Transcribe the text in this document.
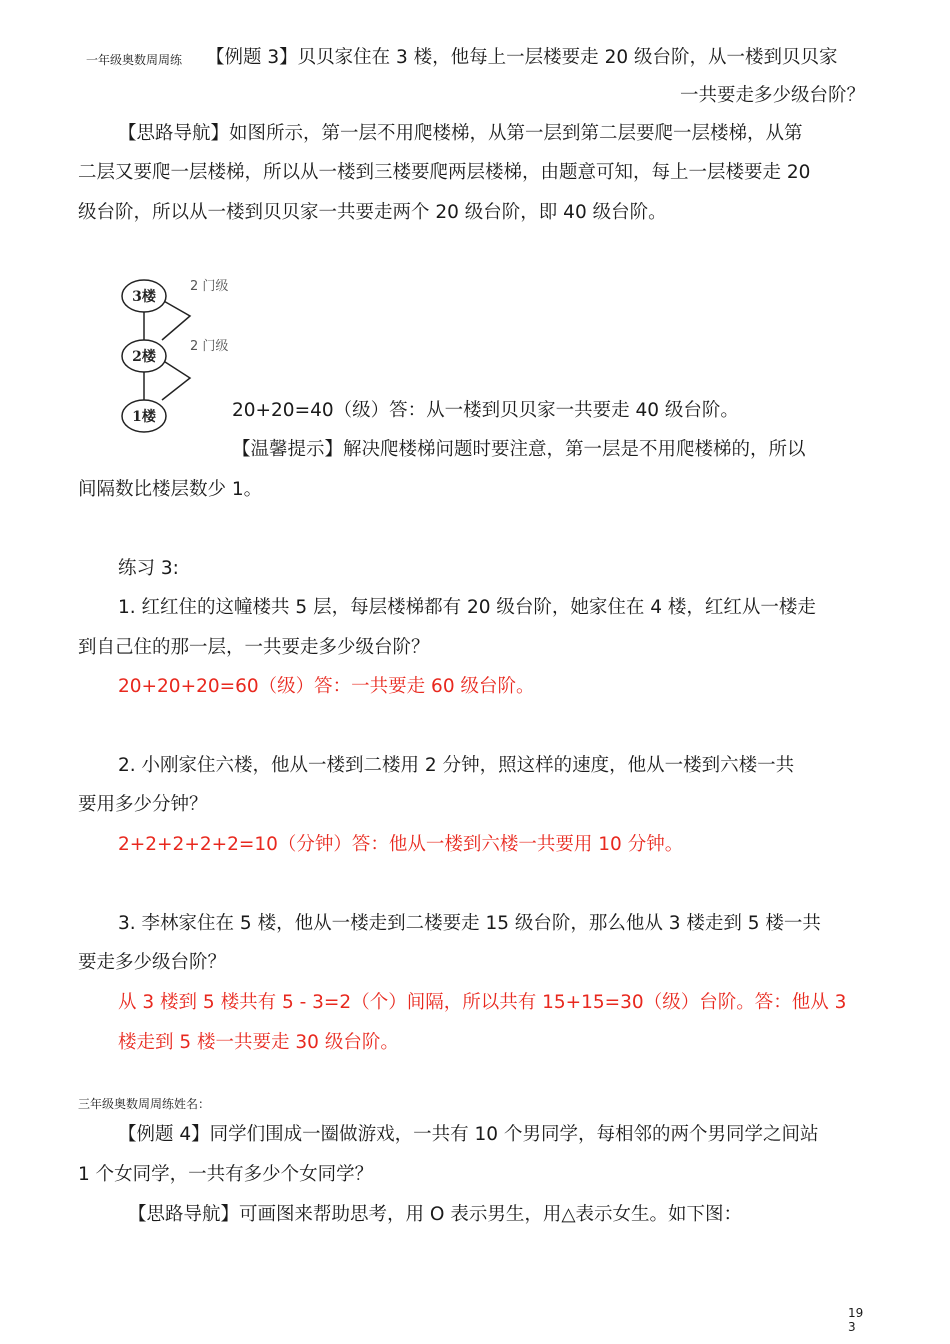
一年级奥数周周练 【例题 3】贝贝家住在 3 楼，他每上一层楼要走 20 级台阶，从一楼到贝贝家
一共要走多少级台阶？
【思路导航】如图所示，第一层不用爬楼梯，从第一层到第二层要爬一层楼梯，从第
二层又要爬一层楼梯，所以从一楼到三楼要爬两层楼梯，由题意可知，每上一层楼要走 20
级台阶，所以从一楼到贝贝家一共要走两个 20 级台阶，即 40 级台阶。
3楼
2楼
1楼
2 门级
2 门级
20+20=40（级）答：从一楼到贝贝家一共要走 40 级台阶。
【温馨提示】解决爬楼梯问题时要注意，第一层是不用爬楼梯的，所以
间隔数比楼层数少 1。
练习 3:
1. 红红住的这幢楼共 5 层，每层楼梯都有 20 级台阶，她家住在 4 楼，红红从一楼走
到自己住的那一层，一共要走多少级台阶？
20+20+20=60（级）答：一共要走 60 级台阶。
2. 小刚家住六楼，他从一楼到二楼用 2 分钟，照这样的速度，他从一楼到六楼一共
要用多少分钟？
2+2+2+2+2=10（分钟）答：他从一楼到六楼一共要用 10 分钟。
3. 李林家住在 5 楼，他从一楼走到二楼要走 15 级台阶，那么他从 3 楼走到 5 楼一共
要走多少级台阶？
从 3 楼到 5 楼共有 5 - 3=2（个）间隔，所以共有 15+15=30（级）台阶。答：他从 3
楼走到 5 楼一共要走 30 级台阶。
三年级奥数周周练姓名：
【例题 4】同学们围成一圈做游戏，一共有 10 个男同学，每相邻的两个男同学之间站
1 个女同学，一共有多少个女同学？
【思路导航】可画图来帮助思考，用 O 表示男生，用△表示女生。如下图：
193
